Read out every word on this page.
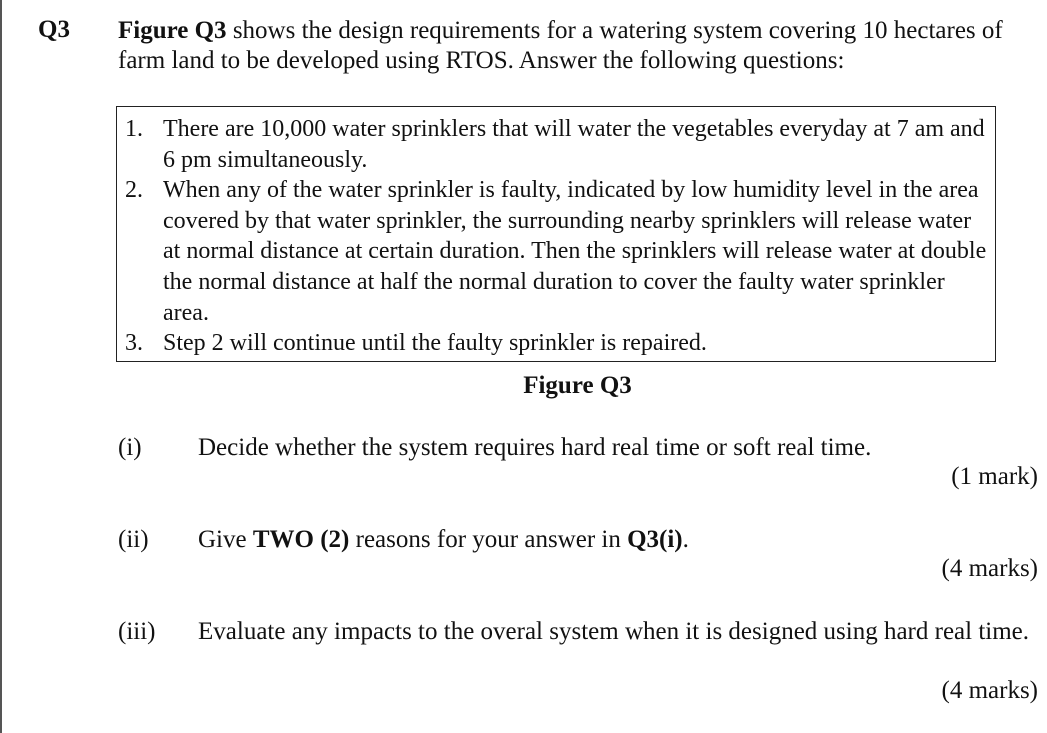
Q3 Figure Q3 shows the design requirements for a watering system covering 10 hectares of farm land to be developed using RTOS. Answer the following questions:
1. There are 10,000 water sprinklers that will water the vegetables everyday at 7 am and 6 pm simultaneously.
2. When any of the water sprinkler is faulty, indicated by low humidity level in the area covered by that water sprinkler, the surrounding nearby sprinklers will release water at normal distance at certain duration. Then the sprinklers will release water at double the normal distance at half the normal duration to cover the faulty water sprinkler area.
3. Step 2 will continue until the faulty sprinkler is repaired.
Figure Q3
(i) Decide whether the system requires hard real time or soft real time.
(1 mark)
(ii) Give TWO (2) reasons for your answer in Q3(i).
(4 marks)
(iii) Evaluate any impacts to the overal system when it is designed using hard real time.
(4 marks)
